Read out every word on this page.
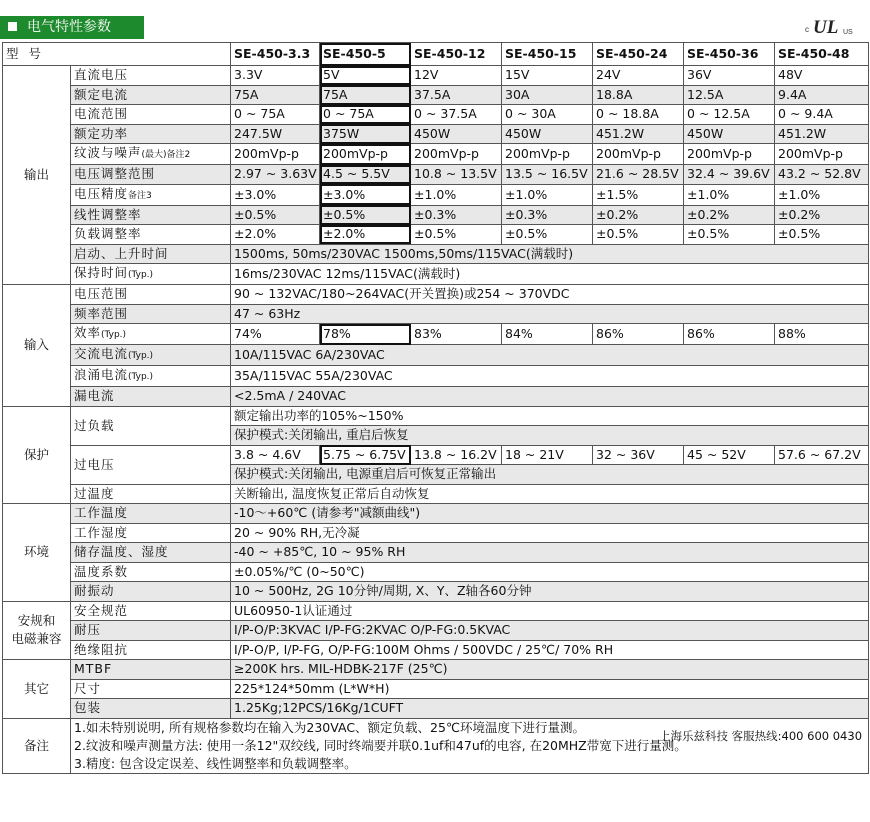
电气特性参数	c UL US
型 号		SE-450-3.3	SE-450-5	SE-450-12	SE-450-15	SE-450-24	SE-450-36	SE-450-48
输出	直流电压	3.3V	5V	12V	15V	24V	36V	48V
	额定电流	75A	75A	37.5A	30A	18.8A	12.5A	9.4A
	电流范围	0 ~ 75A	0 ~ 75A	0 ~ 37.5A	0 ~ 30A	0 ~ 18.8A	0 ~ 12.5A	0 ~ 9.4A
	额定功率	247.5W	375W	450W	450W	451.2W	450W	451.2W
	纹波与噪声(最大)备注2	200mVp-p	200mVp-p	200mVp-p	200mVp-p	200mVp-p	200mVp-p	200mVp-p
	电压调整范围	2.97 ~ 3.63V	4.5 ~ 5.5V	10.8 ~ 13.5V	13.5 ~ 16.5V	21.6 ~ 28.5V	32.4 ~ 39.6V	43.2 ~ 52.8V
	电压精度备注3	±3.0%	±3.0%	±1.0%	±1.0%	±1.5%	±1.0%	±1.0%
	线性调整率	±0.5%	±0.5%	±0.3%	±0.3%	±0.2%	±0.2%	±0.2%
	负载调整率	±2.0%	±2.0%	±0.5%	±0.5%	±0.5%	±0.5%	±0.5%
	启动、上升时间	1500ms, 50ms/230VAC 1500ms,50ms/115VAC(满载时)						
	保持时间(Typ.)	16ms/230VAC 12ms/115VAC(满载时)						
输入	电压范围	90 ~ 132VAC/180~264VAC(开关置换)或254 ~ 370VDC						
	频率范围	47 ~ 63Hz						
	效率(Typ.)	74%	78%	83%	84%	86%	86%	88%
	交流电流(Typ.)	10A/115VAC 6A/230VAC						
	浪涌电流(Typ.)	35A/115VAC 55A/230VAC						
	漏电流	<2.5mA / 240VAC						
保护	过负载	额定输出功率的105%~150%						
		保护模式:关闭输出, 重启后恢复						
	过电压	3.8 ~ 4.6V	5.75 ~ 6.75V	13.8 ~ 16.2V	18 ~ 21V	32 ~ 36V	45 ~ 52V	57.6 ~ 67.2V
		保护模式:关闭输出, 电源重启后可恢复正常输出						
	过温度	关断输出, 温度恢复正常后自动恢复						
环境	工作温度	-10～+60℃ (请参考"减额曲线")						
	工作湿度	20 ~ 90% RH,无冷凝						
	储存温度、湿度	-40 ~ +85℃, 10 ~ 95% RH						
	温度系数	±0.05%/℃ (0~50℃)						
	耐振动	10 ~ 500Hz, 2G 10分钟/周期, X、Y、Z轴各60分钟						

安规和
电磁兼容	安全规范	UL60950-1认证通过						
	耐压	I/P-O/P:3KVAC I/P-FG:2KVAC O/P-FG:0.5KVAC						
	绝缘阻抗	I/P-O/P, I/P-FG, O/P-FG:100M Ohms / 500VDC / 25℃/ 70% RH						
其它	MTBF	≥200K hrs. MIL-HDBK-217F (25℃)						
	尺寸	225*124*50mm (L*W*H)						
	包装	1.25Kg;12PCS/16Kg/1CUFT						
备注	1.如未特别说明, 所有规格参数均在输入为230VAC、额定负载、25℃环境温度下进行量测。
2.纹波和噪声测量方法: 使用一条12"双绞线, 同时终端要并联0.1uf和47uf的电容, 在20MHZ带宽下进行量测。
3.精度: 包含设定误差、线性调整率和负载调整率。
上海乐兹科技 客服热线:400 600 0430							
